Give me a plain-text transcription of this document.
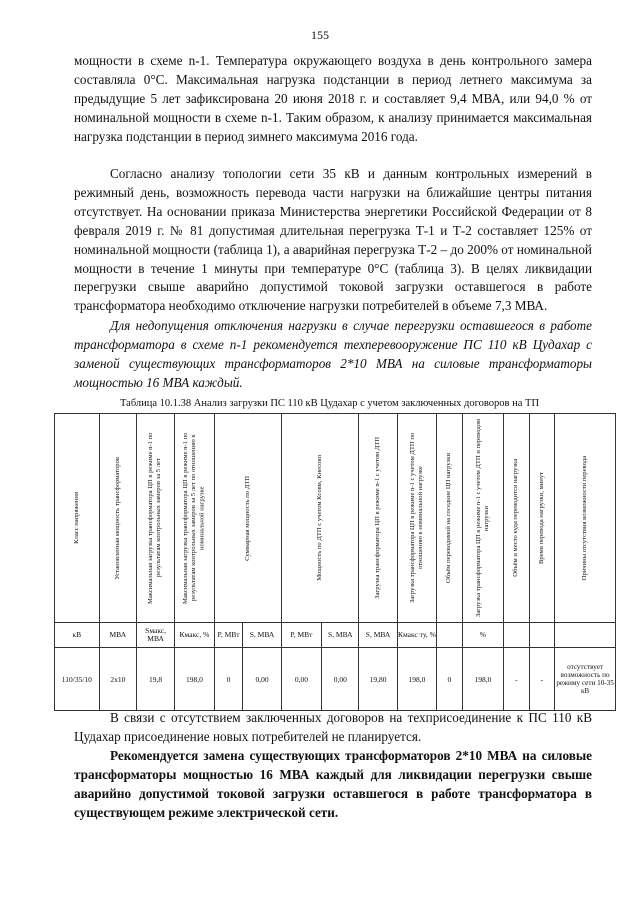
155

мощности в схеме n-1. Температура окружающего воздуха в день контрольного замера составляла 0°С. Максимальная нагрузка подстанции в период летнего максимума за предыдущие 5 лет зафиксирована 20 июня 2018 г. и составляет 9,4 МВА, или 94,0 % от номинальной мощности в схеме n-1. Таким образом, к анализу принимается максимальная нагрузка подстанции в период зимнего максимума 2016 года.

Согласно анализу топологии сети 35 кВ и данным контрольных измерений в режимный день, возможность перевода части нагрузки на ближайшие центры питания отсутствует. На основании приказа Министерства энергетики Российской Федерации от 8 февраля 2019 г. № 81 допустимая длительная перегрузка Т-1 и Т-2 составляет 125% от номинальной мощности (таблица 1), а аварийная перегрузка Т-2 – до 200% от номинальной мощности в течение 1 минуты при температуре 0°С (таблица 3). В целях ликвидации перегрузки свыше аварийно допустимой токовой загрузки оставшегося в работе трансформатора необходимо отключение нагрузки потребителей в объеме 7,3 МВА.

Для недопущения отключения нагрузки в случае перегрузки оставшегося в работе трансформатора в схеме n-1 рекомендуется техперевооружение ПС 110 кВ Цудахар с заменой существующих трансформаторов 2*10 МВА на силовые трансформаторы мощностью 16 МВА каждый.

Таблица 10.1.38 Анализ загрузки ПС 110 кВ Цудахар с учетом заключенных договоров на ТП
Класс напряжения	Установленная мощность трансформаторов	Максимальная загрузка трансформатора ЦП в режиме n-1 по результатам контрольных замеров за 5 лет	Максимальная загрузка трансформатора ЦП в режиме n-1 по результатам контрольных замеров за 5 лет по отношению к номинальной нагрузке	Суммарная мощность по ДТП		Мощность по ДТП с учетом Ксовм, Кнесовп		Загрузка трансформатора ЦП в режиме n-1 с учетом ДТП	Загрузка трансформатора ЦП в режиме n-1 с учетом ДТП по отношению к номинальной нагрузке	Объём переводимой на соседние ЦП нагрузки	Загрузка трансформатора ЦП в режиме n-1 с учетом ДТП и переводом нагрузки	Объём и место куда переводится нагрузка	Время перевода нагрузки, минут	Причины отсутствия возможности перевода

кВ	МВА	Sмакс, МВА	Кмакс, %	P, МВт	S, МВА	P, МВт	S, МВА	S, МВА	Кмакс ту, %		%			
110/35/10	2х10	19,8	198,0	0	0,00	0,00	0,00	19,80	198,0	0	198,0	-	-	отсутствует возможность по режиму сети 10-35 кВ

В связи с отсутствием заключенных договоров на техприсоединение к ПС 110 кВ Цудахар присоединение новых потребителей не планируется.

Рекомендуется замена существующих трансформаторов 2*10 МВА на силовые трансформаторы мощностью 16 МВА каждый для ликвидации перегрузки свыше аварийно допустимой токовой загрузки оставшегося в работе трансформатора в существующем режиме электрической сети.
